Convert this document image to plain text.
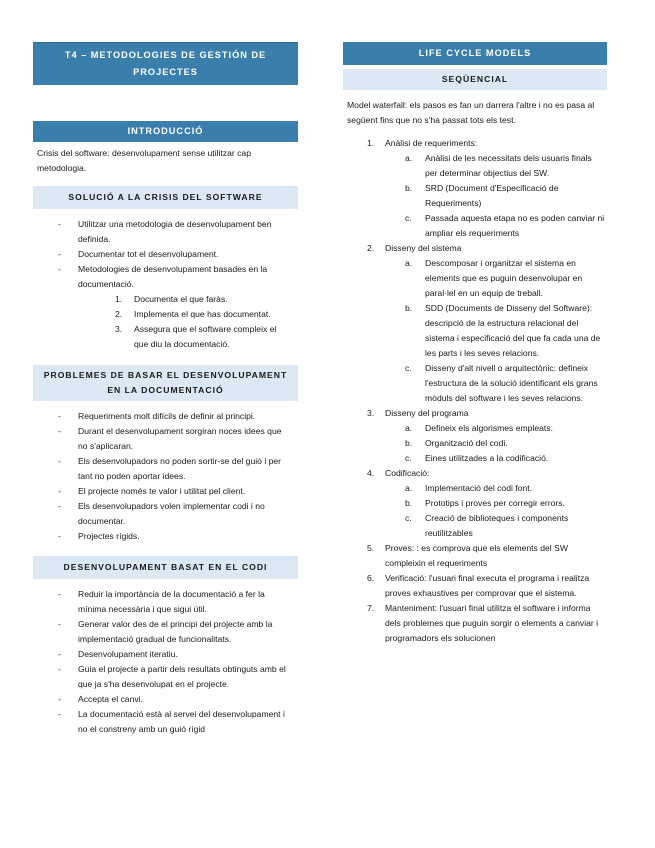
T4 – METODOLOGIES DE GESTIÓN DE PROJECTES
INTRODUCCIÓ

Crisis del software: desenvolupament sense utilitzar cap metodologia.

SOLUCIÓ A LA CRISIS DEL SOFTWARE
- Utilitzar una metodologia de desenvolupament ben definida.
- Documentar tot el desenvolupament.
- Metodologies de desenvolupament basades en la documentació.
1. Documenta el que faràs.
2. Implementa el que has documentat.
3. Assegura que el software compleix el que diu la documentació.
PROBLEMES DE BASAR EL DESENVOLUPAMENT EN LA DOCUMENTACIÓ
- Requeriments molt difícils de definir al principi.
- Durant el desenvolupament sorgiran noces idees que no s'aplicaran.
- Els desenvolupadors no poden sortir-se del guió i per tant no poden aportar idees.
- El projecte només te valor i utilitat pel client.
- Els desenvolupadors volen implementar codi i no documentar.
- Projectes rígids.
DESENVOLUPAMENT BASAT EN EL CODI
- Reduir la importància de la documentació a fer la mínima necessària i que sigui útil.
- Generar valor des de el principi del projecte amb la implementació gradual de funcionalitats.
- Desenvolupament iteratiu.
- Guia el projecte a partir dels resultats obtinguts amb el que ja s'ha desenvolupat en el projecte.
- Accepta el canvi.
- La documentació està al servei del desenvolupament i no el constreny amb un guió rígid
LIFE CYCLE MODELS
SEQÜENCIAL

Model waterfall: els pasos es fan un darrera l'altre i no es pasa al següent fins que no s'ha passat tots els test.

1. Anàlisi de requeriments:
a. Anàlisi de les necessitats dels usuaris finals per determinar objectius del SW.
b. SRD (Document d'Especificació de Requeriments)
c. Passada aquesta etapa no es poden canviar ni ampliar els requeriments
2. Disseny del sistema
a. Descomposar i organitzar el sistema en elements que es puguin desenvolupar en paral·lel en un equip de treball.
b. SDD (Documents de Disseny del Software): descripció de la estructura relacional del sistema i especificació del que fa cada una de les parts i les seves relacions.
c. Disseny d'alt nivell o arquitectònic: defineix l'estructura de la solució identificant els grans mòduls del software i les seves relacions.
3. Disseny del programa
a. Defineix els algorismes empleats.
b. Organització del codi.
c. Eines utilitzades a la codificació.
4. Codificació:
a. Implementació del codi font.
b. Prototips i proves per corregir errors.
c. Creació de biblioteques i components reutilitzables
5. Proves: : es comprova que els elements del SW compleixin el requeriments
6. Verificació: l'usuari final executa el programa i realitza proves exhaustives per comprovar que el sistema.
7. Manteniment: l'usuari final utilitza el software i informa dels problemes que puguin sorgir o elements a canviar i programadors els solucionen
